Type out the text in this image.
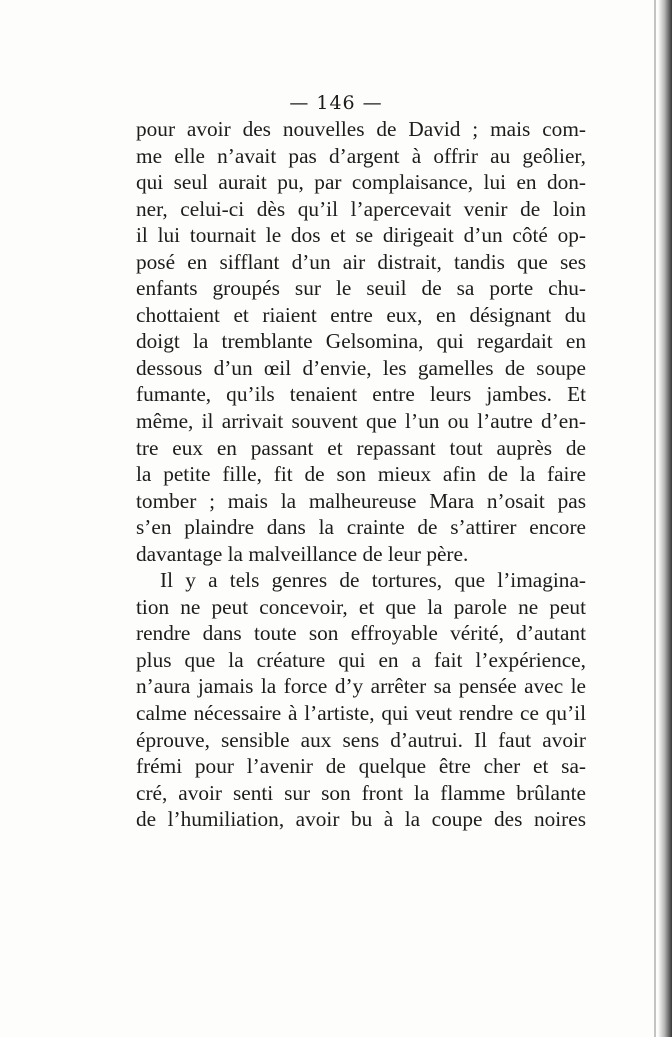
— 146 —
pour avoir des nouvelles de David ; mais com-
me elle n’avait pas d’argent à offrir au geôlier,
qui seul aurait pu, par complaisance, lui en don-
ner, celui-ci dès qu’il l’apercevait venir de loin
il lui tournait le dos et se dirigeait d’un côté op-
posé en sifflant d’un air distrait, tandis que ses
enfants groupés sur le seuil de sa porte chu-
chottaient et riaient entre eux, en désignant du
doigt la tremblante Gelsomina, qui regardait en
dessous d’un œil d’envie, les gamelles de soupe
fumante, qu’ils tenaient entre leurs jambes. Et
même, il arrivait souvent que l’un ou l’autre d’en-
tre eux en passant et repassant tout auprès de
la petite fille, fit de son mieux afin de la faire
tomber ; mais la malheureuse Mara n’osait pas
s’en plaindre dans la crainte de s’attirer encore
davantage la malveillance de leur père.
Il y a tels genres de tortures, que l’imagina-
tion ne peut concevoir, et que la parole ne peut
rendre dans toute son effroyable vérité, d’autant
plus que la créature qui en a fait l’expérience,
n’aura jamais la force d’y arrêter sa pensée avec le
calme nécessaire à l’artiste, qui veut rendre ce qu’il
éprouve, sensible aux sens d’autrui. Il faut avoir
frémi pour l’avenir de quelque être cher et sa-
cré, avoir senti sur son front la flamme brûlante
de l’humiliation, avoir bu à la coupe des noires
